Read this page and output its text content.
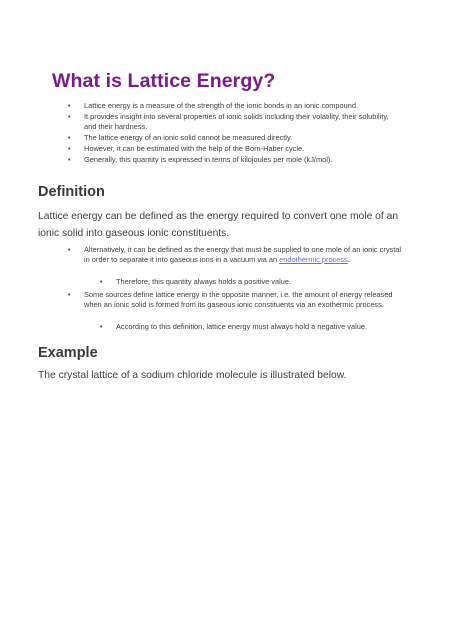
What is Lattice Energy?
• Lattice energy is a measure of the strength of the ionic bonds in an ionic compound.
• It provides insight into several properties of ionic solids including their volatility, their solubility, and their hardness.
• The lattice energy of an ionic solid cannot be measured directly.
• However, it can be estimated with the help of the Born-Haber cycle.
• Generally, this quantity is expressed in terms of kilojoules per mole (kJ/mol).
Definition

Lattice energy can be defined as the energy required to convert one mole of an ionic solid into gaseous ionic constituents.

• Alternatively, it can be defined as the energy that must be supplied to one mole of an ionic crystal in order to separate it into gaseous ions in a vacuum via an endothermic process.
• Therefore, this quantity always holds a positive value.
• Some sources define lattice energy in the opposite manner, i.e. the amount of energy released when an ionic solid is formed from its gaseous ionic constituents via an exothermic process.
• According to this definition, lattice energy must always hold a negative value.
Example

The crystal lattice of a sodium chloride molecule is illustrated below.
